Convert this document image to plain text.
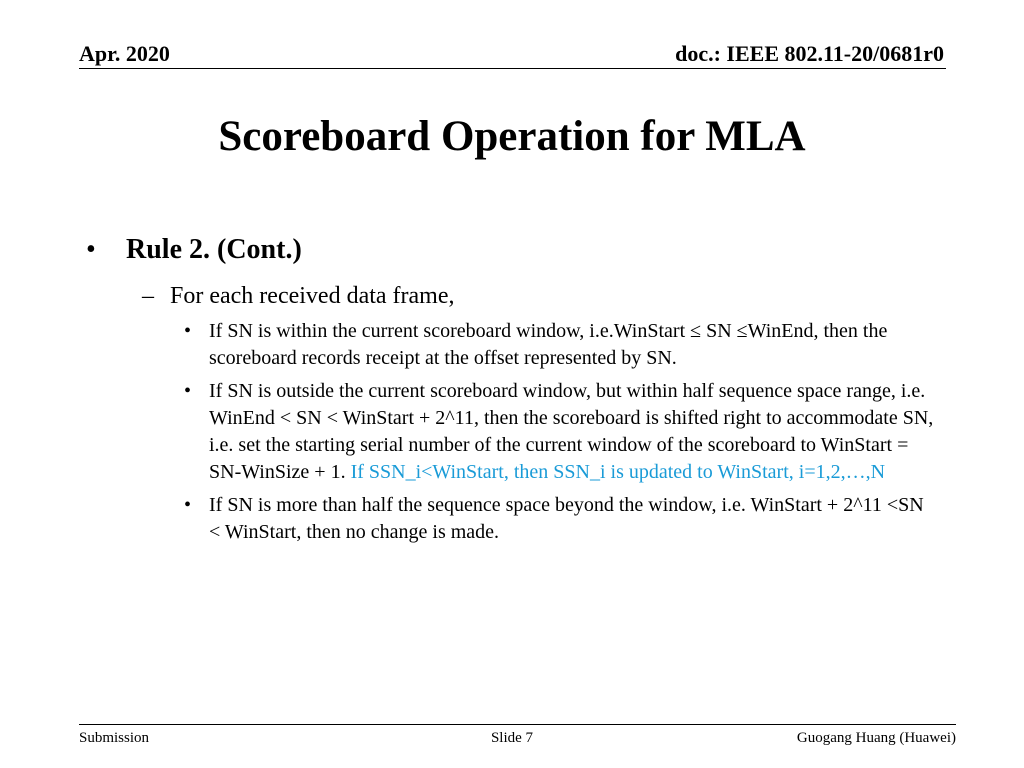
Apr. 2020	doc.: IEEE 802.11-20/0681r0
Scoreboard Operation for MLA
• Rule 2. (Cont.)
– For each received data frame,
• If SN is within the current scoreboard window, i.e.WinStart ≤ SN ≤WinEnd, then the scoreboard records receipt at the offset represented by SN.
• If SN is outside the current scoreboard window, but within half sequence space range, i.e. WinEnd < SN < WinStart + 2^11, then the scoreboard is shifted right to accommodate SN, i.e. set the starting serial number of the current window of the scoreboard to WinStart = SN-WinSize + 1. If SSN_i<WinStart, then SSN_i is updated to WinStart, i=1,2,…,N
• If SN is more than half the sequence space beyond the window, i.e. WinStart + 2^11 <SN < WinStart, then no change is made.
Submission	Slide 7	Guogang Huang (Huawei)
